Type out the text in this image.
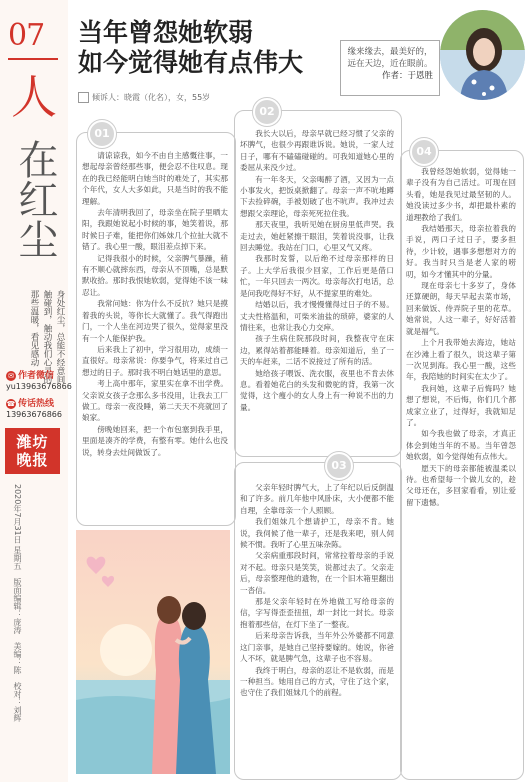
07
人
在红尘
身处红尘，总能不经意间触碰到，触动我们心灵的那些温暖，看见感动
☎ 传话热线
13963676866
✉ 作者微信
yu13963676866
潍坊
晚报
2020年7月31日 星期五　版面编辑：庞涛　美编：陈　校对：刘辉
当年曾怨她软弱
如今觉得她有点伟大	缘来缘去，最美好的，远在天边，近在眼前。
作者：于恩胜
倾诉人：晓霞（化名），女，55岁
01
02
03
04

请谅谅我，如今不由自主感慨往事，一想起母亲曾经那些事，便会忍不住叹息。现在的我已经能明白她当时的难处了，其实那个年代，女人大多如此，只是当时的我不能理解。

去年清明我回了，母亲坐在院子里晒太阳，我跟她说起小时候的事，她笑着说，那时候日子难，能把你们姊妹几个拉扯大就不错了。我心里一酸，眼泪差点掉下来。

记得我很小的时候，父亲脾气暴躁，稍有不顺心就摔东西，母亲从不顶嘴，总是默默收拾。那时我恨她软弱，觉得她不该一味忍让。

我常问她：你为什么不反抗？她只是摸着我的头说，等你长大就懂了。我气得跑出门，一个人坐在河边哭了很久，觉得家里没有一个人能保护我。

后来我上了初中，学习很用功，成绩一直很好。母亲常说：你要争气，将来过自己想过的日子。那时我不明白她话里的意思。

考上高中那年，家里实在拿不出学费。父亲说女孩子念那么多书没用，让我去工厂做工。母亲一夜没睡，第二天天不亮就回了娘家。

傍晚她回来，把一个布包塞到我手里，里面是凑齐的学费，有整有零。她什么也没说，转身去灶间做饭了。

我长大以后，母亲早就已经习惯了父亲的坏脾气，也很少再跟谁诉说。她说，一家人过日子，哪有不磕磕碰碰的。可我知道她心里的委屈从来没少过。

有一年冬天，父亲喝醉了酒，又因为一点小事发火，把饭桌掀翻了。母亲一声不吭地蹲下去捡碎碗，手被划破了也不吭声。我冲过去想跟父亲理论，母亲死死拉住我。

那天夜里，我听见她在厨房里低声哭。我走过去，她赶紧擦干眼泪，笑着说没事，让我回去睡觉。我站在门口，心里又气又疼。

我那时发誓，以后绝不过母亲那样的日子。上大学后我很少回家，工作后更是借口忙，一年只回去一两次。母亲每次打电话，总是问我吃得好不好，从不提家里的难处。

结婚以后，我才慢慢懂得过日子的不易。丈夫性格温和，可柴米油盐的琐碎，婆家的人情往来，也常让我心力交瘁。

孩子生病住院那段时间，我整夜守在床边，累得站着都能睡着。母亲知道后，坐了一天的车赶来，二话不说接过了所有的活。

她给孩子喂饭、洗衣服，夜里也不肯去休息。看着她花白的头发和微驼的背，我第一次觉得，这个瘦小的女人身上有一种说不出的力量。

父亲年轻时脾气大，上了年纪以后反倒温和了许多。前几年他中风卧床，大小便都不能自理，全靠母亲一个人照顾。

我们姐妹几个想请护工，母亲不肯。她说，我伺候了他一辈子，还是我来吧，别人伺候不惯。我听了心里五味杂陈。

父亲病重那段时间，常常拉着母亲的手说对不起。母亲只是笑笑，说都过去了。父亲走后，母亲整理他的遗物，在一个旧木箱里翻出一沓信。

那是父亲年轻时在外地做工写给母亲的信，字写得歪歪扭扭，却一封比一封长。母亲抱着那些信，在灯下坐了一整夜。

后来母亲告诉我，当年外公外婆都不同意这门亲事，是她自己坚持要嫁的。她说，你爸人不坏，就是脾气急，这辈子也不容易。

我终于明白，母亲的忍让不是软弱，而是一种担当。她用自己的方式，守住了这个家，也守住了我们姐妹几个的前程。

我曾经怨她软弱，觉得她一辈子没有为自己活过。可现在回头看，她是我见过最坚韧的人。她没读过多少书，却把最朴素的道理教给了我们。

我结婚那天，母亲拉着我的手说，两口子过日子，要多担待，少计较，遇事多想想对方的好。我当时只当是老人家的唠叨，如今才懂其中的分量。

现在母亲七十多岁了，身体还算硬朗，每天早起去菜市场，回来做饭、侍弄院子里的花草。她常说，人这一辈子，好好活着就是福气。

上个月我带她去海边，她站在沙滩上看了很久，说这辈子第一次见到海。我心里一酸，这些年，我陪她的时间实在太少了。

我问她，这辈子后悔吗？她想了想说，不后悔，你们几个都成家立业了，过得好，我就知足了。

如今我也做了母亲，才真正体会到她当年的不易。当年曾怨她软弱，如今觉得她有点伟大。

愿天下的母亲都能被温柔以待。也希望每一个做儿女的，趁父母还在，多回家看看，别让爱留下遗憾。
